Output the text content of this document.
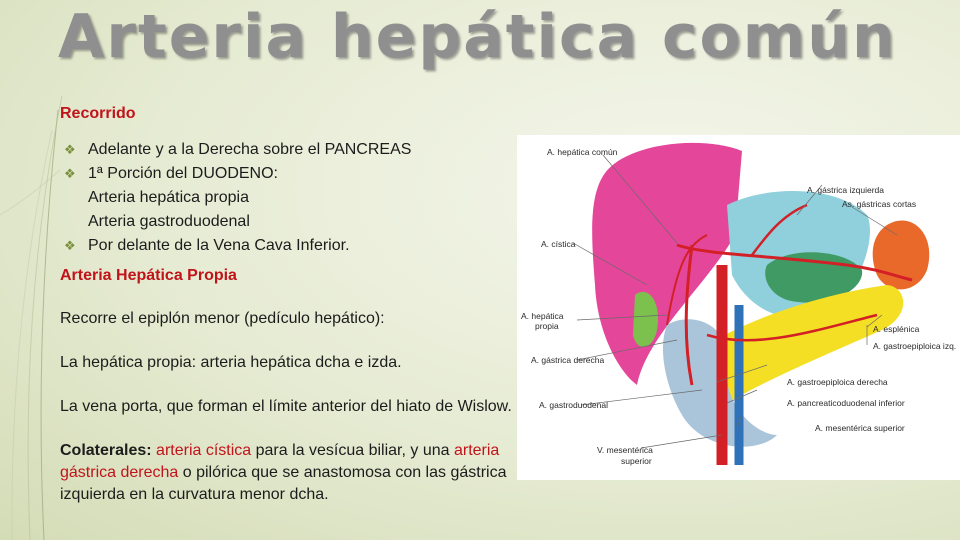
Arteria hepática común

Recorrido

❖ Adelante y a la Derecha sobre el PANCREAS
❖ 1ª Porción del DUODENO:
Arteria hepática propia
Arteria gastroduodenal
❖ Por delante de la Vena Cava Inferior.

Arteria Hepática Propia

Recorre el epiplón menor (pedículo hepático):

La hepática propia: arteria hepática dcha e izda.

La vena porta, que forman el límite anterior del hiato de Wislow.

Colaterales: arteria cística para la vesícua biliar, y una arteria gástrica derecha o pilórica que se anastomosa con las gástrica izquierda en la curvatura menor dcha.

A. hepática común
A. gástrica izquierda
As. gástricas cortas
A. cística
A. hepática
propia	A. esplénica
A. gastroepiploica izq.
A. gástrica derecha
A. gastroepiploica derecha
A. gastroduodenal	A. pancreaticoduodenal inferior
A. mesentérica superior
V. mesentérica
superior
